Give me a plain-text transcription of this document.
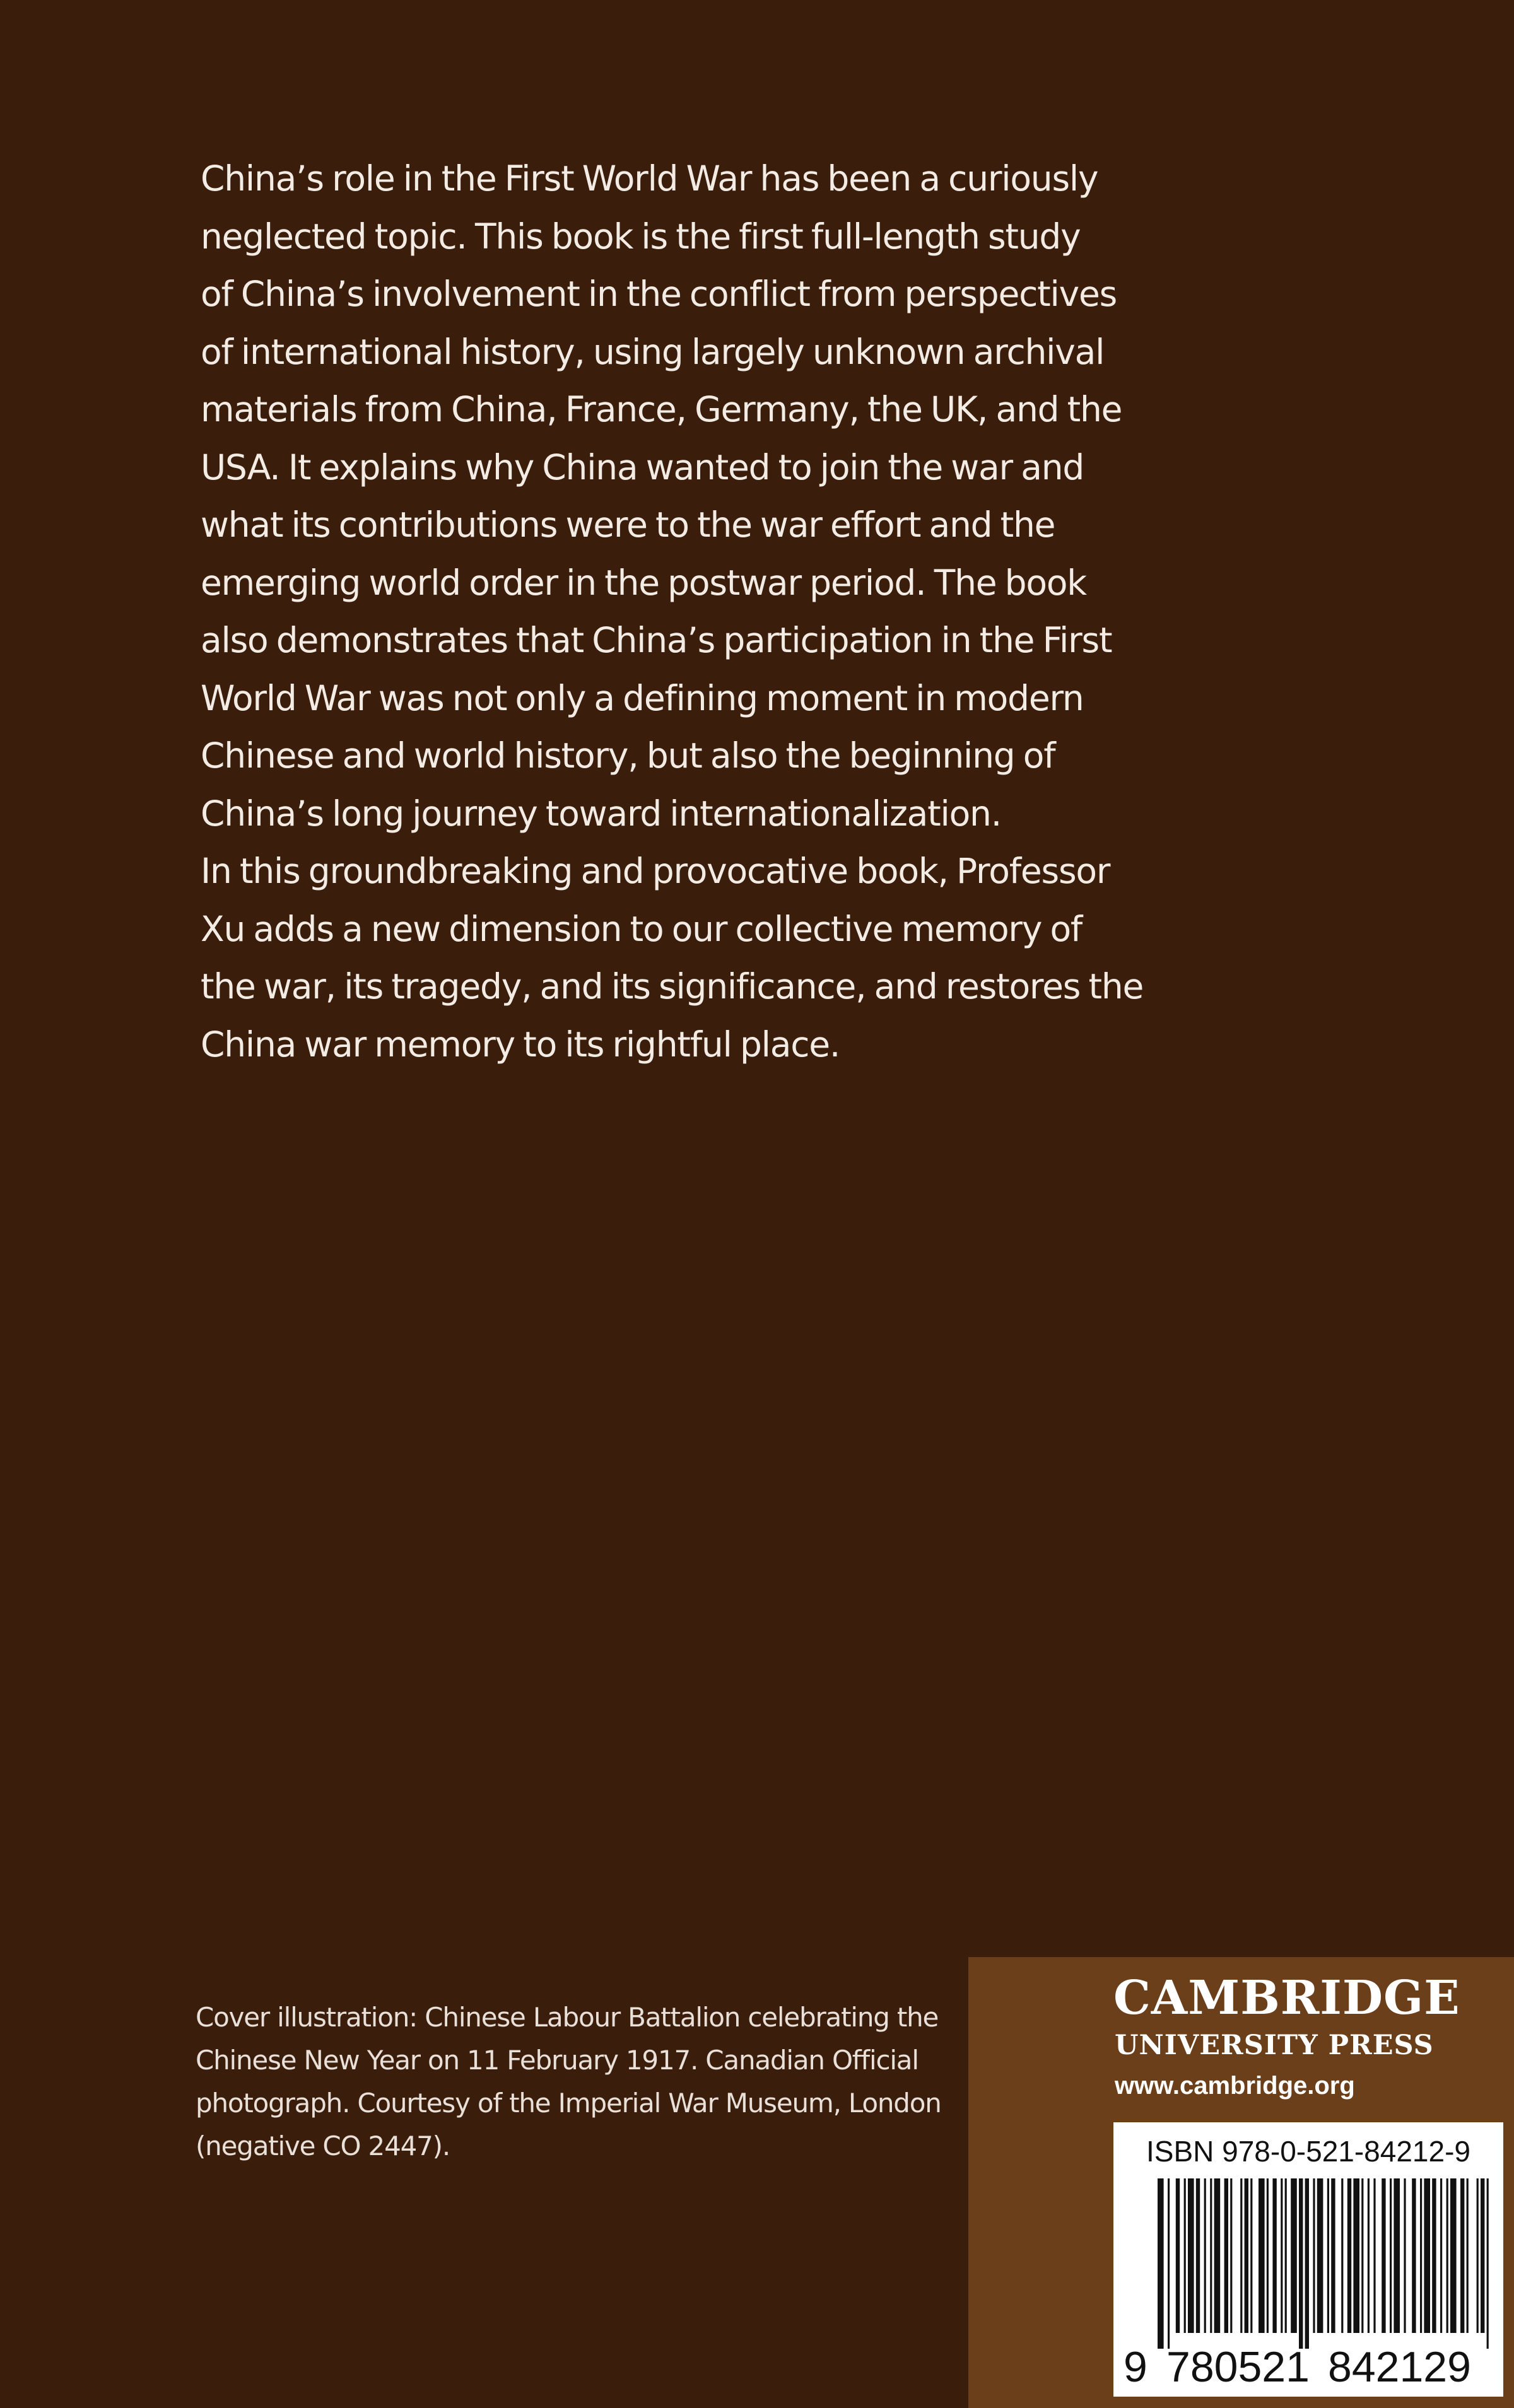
China’s role in the First World War has been a curiously

neglected topic. This book is the first full-length study

of China’s involvement in the conflict from perspectives

of international history, using largely unknown archival

materials from China, France, Germany, the UK, and the

USA. It explains why China wanted to join the war and

what its contributions were to the war effort and the

emerging world order in the postwar period. The book

also demonstrates that China’s participation in the First

World War was not only a defining moment in modern

Chinese and world history, but also the beginning of

China’s long journey toward internationalization.

In this groundbreaking and provocative book, Professor

Xu adds a new dimension to our collective memory of

the war, its tragedy, and its significance, and restores the

China war memory to its rightful place.

Cover illustration: Chinese Labour Battalion celebrating the

Chinese New Year on 11 February 1917. Canadian Official

photograph. Courtesy of the Imperial War Museum, London

(negative CO 2447).

CAMBRIDGE
UNIVERSITY PRESS
www.cambridge.org
ISBN 978-0-521-84212-9
9 780521 842129
